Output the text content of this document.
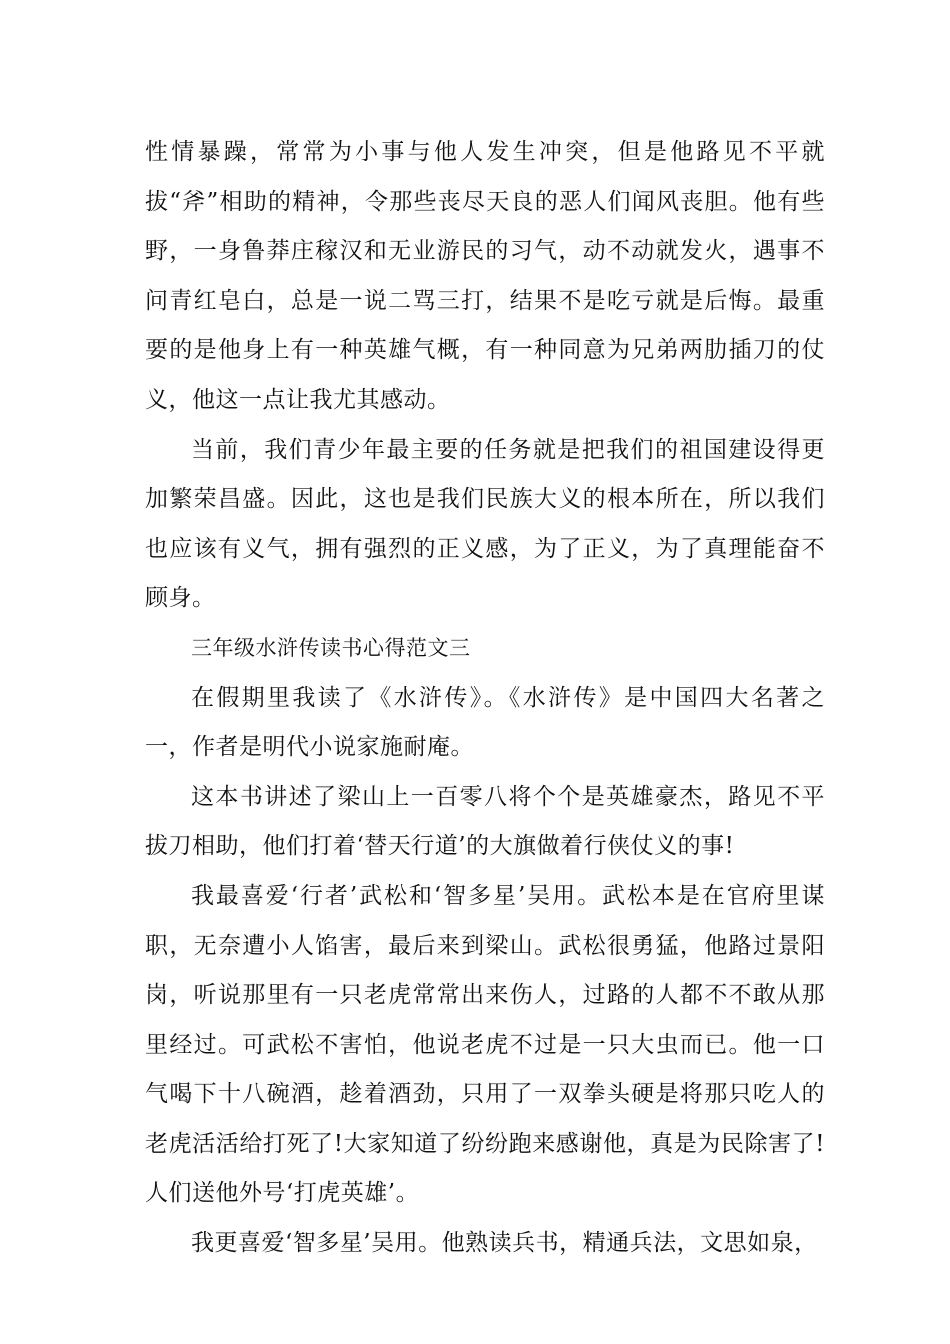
性情暴躁，常常为小事与他人发生冲突，但是他路见不平就拔“斧”相助的精神，令那些丧尽天良的恶人们闻风丧胆。他有些野，一身鲁莽庄稼汉和无业游民的习气，动不动就发火，遇事不问青红皂白，总是一说二骂三打，结果不是吃亏就是后悔。最重要的是他身上有一种英雄气概，有一种同意为兄弟两肋插刀的仗义，他这一点让我尤其感动。

当前，我们青少年最主要的任务就是把我们的祖国建设得更加繁荣昌盛。因此，这也是我们民族大义的根本所在，所以我们也应该有义气，拥有强烈的正义感，为了正义，为了真理能奋不顾身。

三年级水浒传读书心得范文三

在假期里我读了《水浒传》。《水浒传》是中国四大名著之一，作者是明代小说家施耐庵。

这本书讲述了梁山上一百零八将个个是英雄豪杰，路见不平拔刀相助，他们打着‘替天行道’的大旗做着行侠仗义的事!

我最喜爱‘行者’武松和‘智多星’吴用。武松本是在官府里谋职，无奈遭小人馅害，最后来到梁山。武松很勇猛，他路过景阳岗，听说那里有一只老虎常常出来伤人，过路的人都不不敢从那里经过。可武松不害怕，他说老虎不过是一只大虫而已。他一口气喝下十八碗酒，趁着酒劲，只用了一双拳头硬是将那只吃人的老虎活活给打死了!大家知道了纷纷跑来感谢他，真是为民除害了!人们送他外号‘打虎英雄’。

我更喜爱‘智多星’吴用。他熟读兵书，精通兵法，文思如泉，
